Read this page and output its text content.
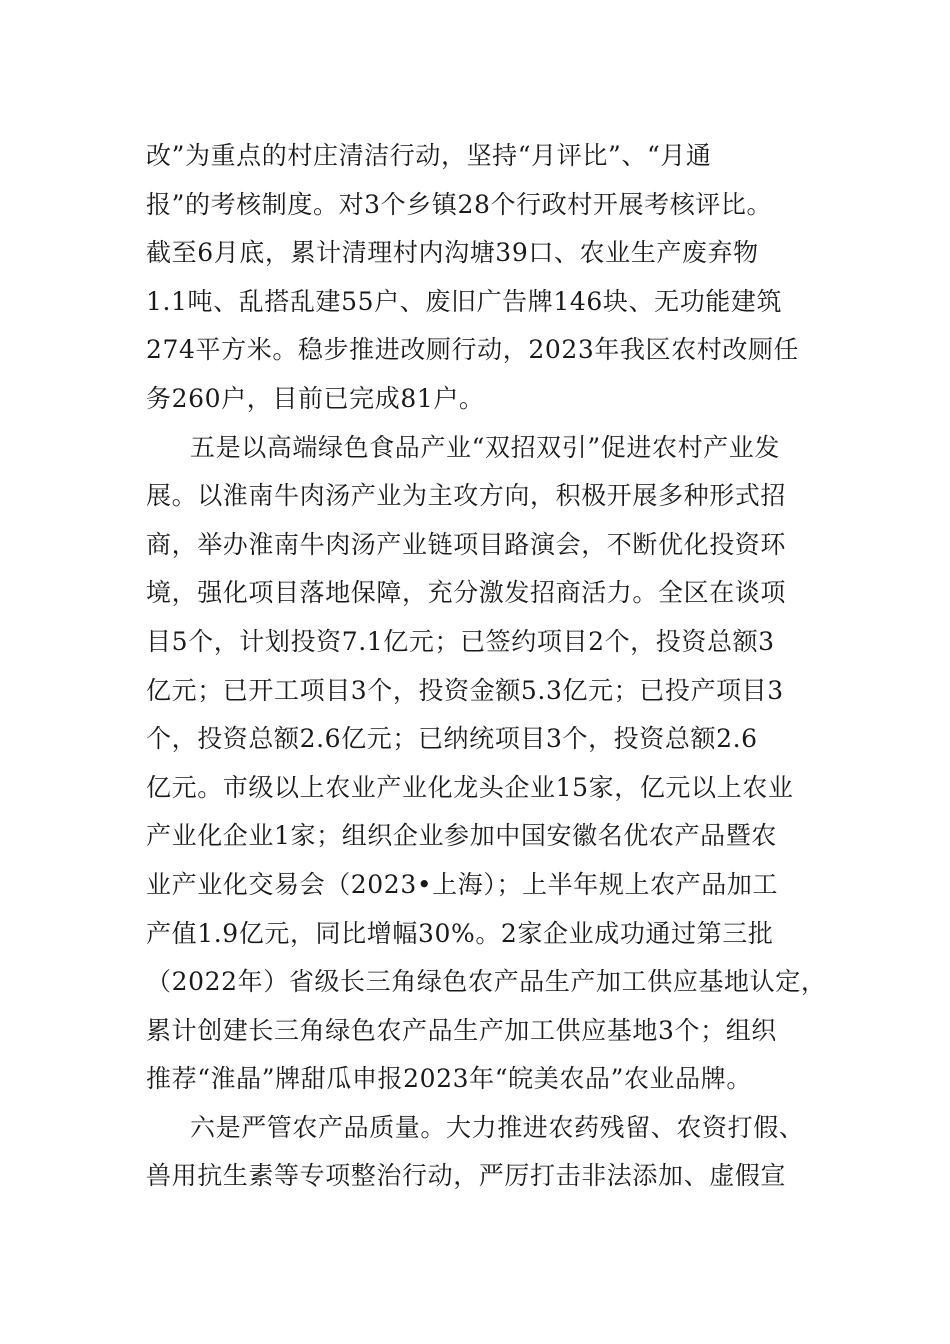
改”为重点的村庄清洁行动，坚持“月评比”、“月通
报”的考核制度。对3个乡镇28个行政村开展考核评比。
截至6月底，累计清理村内沟塘39口、农业生产废弃物
1.1吨、乱搭乱建55户、废旧广告牌146块、无功能建筑
274平方米。稳步推进改厕行动，2023年我区农村改厕任
务260户，目前已完成81户。
五是以高端绿色食品产业“双招双引”促进农村产业发
展。以淮南牛肉汤产业为主攻方向，积极开展多种形式招
商，举办淮南牛肉汤产业链项目路演会，不断优化投资环
境，强化项目落地保障，充分激发招商活力。全区在谈项
目5个，计划投资7.1亿元；已签约项目2个，投资总额3
亿元；已开工项目3个，投资金额5.3亿元；已投产项目3
个，投资总额2.6亿元；已纳统项目3个，投资总额2.6
亿元。市级以上农业产业化龙头企业15家，亿元以上农业
产业化企业1家；组织企业参加中国安徽名优农产品暨农
业产业化交易会（2023•上海）；上半年规上农产品加工
产值1.9亿元，同比增幅30%。2家企业成功通过第三批
（2022年）省级长三角绿色农产品生产加工供应基地认定，
累计创建长三角绿色农产品生产加工供应基地3个；组织
推荐“淮晶”牌甜瓜申报2023年“皖美农品”农业品牌。
六是严管农产品质量。大力推进农药残留、农资打假、
兽用抗生素等专项整治行动，严厉打击非法添加、虚假宣
